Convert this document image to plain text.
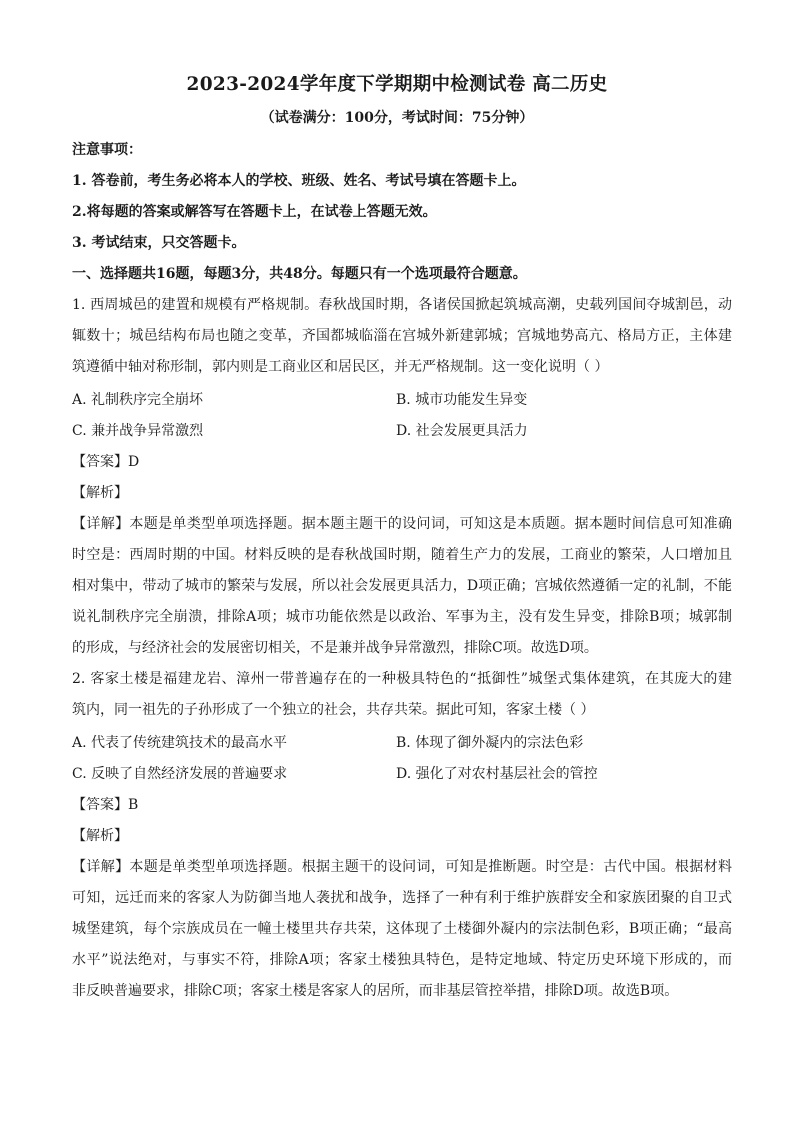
2023-2024学年度下学期期中检测试卷 高二历史
（试卷满分：100分，考试时间：75分钟）
注意事项：
1. 答卷前，考生务必将本人的学校、班级、姓名、考试号填在答题卡上。
2.将每题的答案或解答写在答题卡上，在试卷上答题无效。
3. 考试结束，只交答题卡。
一、选择题共16题，每题3分，共48分。每题只有一个选项最符合题意。
1. 西周城邑的建置和规模有严格规制。春秋战国时期，各诸侯国掀起筑城高潮，史载列国间夺城割邑，动
辄数十；城邑结构布局也随之变革，齐国都城临淄在宫城外新建郭城；宫城地势高亢、格局方正，主体建
筑遵循中轴对称形制，郭内则是工商业区和居民区，并无严格规制。这一变化说明（ ）
A. 礼制秩序完全崩坏	B. 城市功能发生异变
C. 兼并战争异常激烈	D. 社会发展更具活力
【答案】D
【解析】
【详解】本题是单类型单项选择题。据本题主题干的设问词，可知这是本质题。据本题时间信息可知准确
时空是：西周时期的中国。材料反映的是春秋战国时期，随着生产力的发展，工商业的繁荣，人口增加且
相对集中，带动了城市的繁荣与发展，所以社会发展更具活力，D项正确；宫城依然遵循一定的礼制，不能
说礼制秩序完全崩溃，排除A项；城市功能依然是以政治、军事为主，没有发生异变，排除B项；城郭制
的形成，与经济社会的发展密切相关，不是兼并战争异常激烈，排除C项。故选D项。
2. 客家土楼是福建龙岩、漳州一带普遍存在的一种极具特色的“抵御性”城堡式集体建筑，在其庞大的建
筑内，同一祖先的子孙形成了一个独立的社会，共存共荣。据此可知，客家土楼（ ）
A. 代表了传统建筑技术的最高水平	B. 体现了御外凝内的宗法色彩
C. 反映了自然经济发展的普遍要求	D. 强化了对农村基层社会的管控
【答案】B
【解析】
【详解】本题是单类型单项选择题。根据主题干的设问词，可知是推断题。时空是：古代中国。根据材料
可知，远迁而来的客家人为防御当地人袭扰和战争，选择了一种有利于维护族群安全和家族团聚的自卫式
城堡建筑，每个宗族成员在一幢土楼里共存共荣，这体现了土楼御外凝内的宗法制色彩，B项正确；“最高
水平”说法绝对，与事实不符，排除A项；客家土楼独具特色，是特定地域、特定历史环境下形成的，而
非反映普遍要求，排除C项；客家土楼是客家人的居所，而非基层管控举措，排除D项。故选B项。
